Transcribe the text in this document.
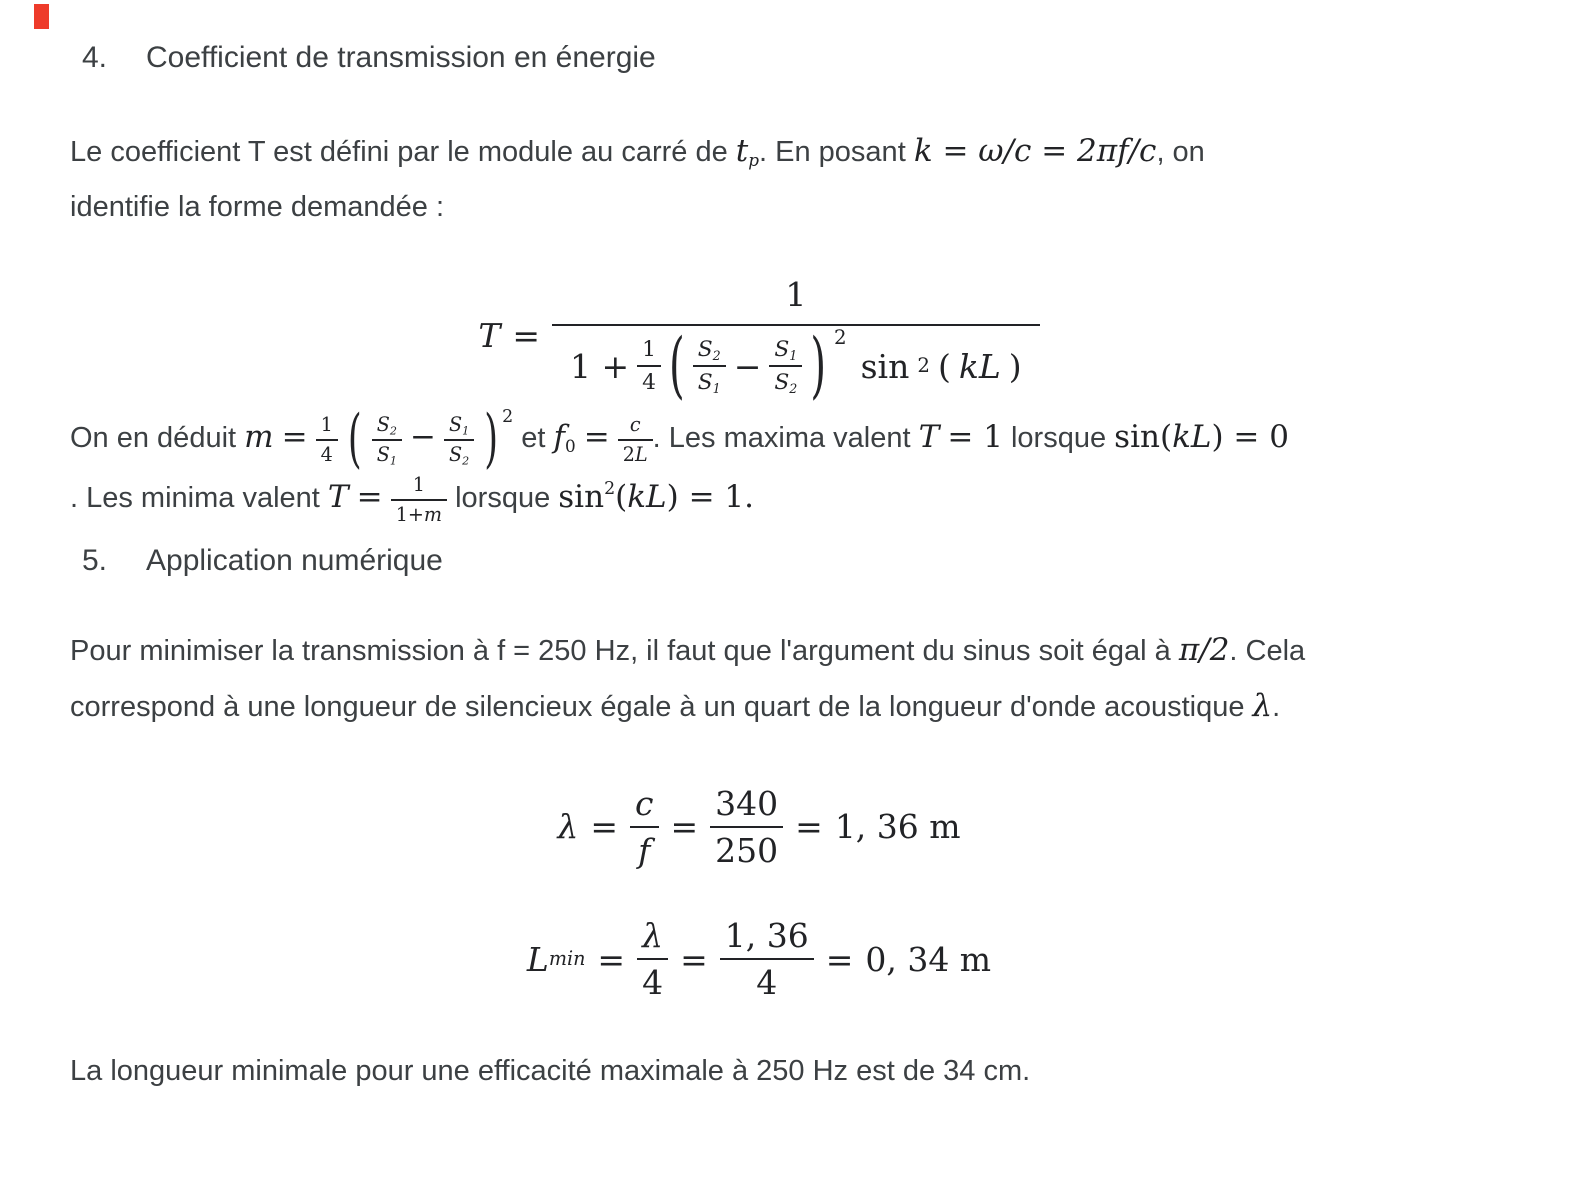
4.	Coefficient de transmission en énergie
Le coefficient T est défini par le module au carré de $t_p$. En posant k = ω/c = 2πf/c, on
identifie la forme demandée :
T =
1
$1 + \frac{1}{4}$ ( $S_2$
$S_1$
− $\frac{S_1}{S_2}$ ) 2
sin 2 ( kL )
On en déduit $m = \frac{1}{4}$ ( $\frac{S_2}{S_1} - \frac{S_1}{S_2}$ ) 2 et $f_0 = \frac{c}{2L}$ . Les maxima valent T = 1 lorsque sin(kL) = 0
. Les minima valent $T = \frac{1}{1+m}$ lorsque $\sin^2(kL) = 1$.
5.	Application numérique
Pour minimiser la transmission à f = 250 Hz, il faut que l'argument du sinus soit égal à π/2. Cela
correspond à une longueur de silencieux égale à un quart de la longueur d'onde acoustique λ.
$\lambda = \frac{c}{f} = \frac{340}{250} = 1$, 36 m
L $\min = \frac{\lambda}{4} = \frac{1, 36}{4} = 0$, 34 m
La longueur minimale pour une efficacité maximale à 250 Hz est de 34 cm.
